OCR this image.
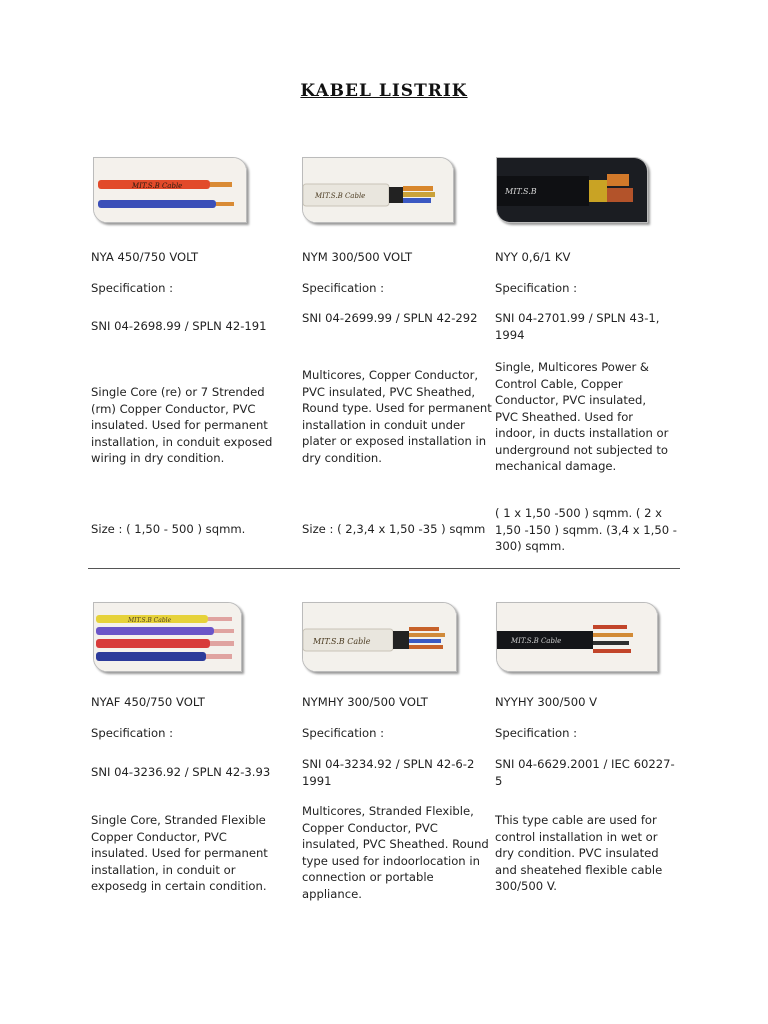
KABEL LISTRIK
MIT.S.B Cable
NYA 450/750 VOLT
Specification :
SNI 04-2698.99 / SPLN 42-191
Single Core (re) or 7 Strended (rm) Copper Conductor, PVC insulated. Used for permanent installation, in conduit exposed wiring in dry condition.
Size : ( 1,50 - 500 ) sqmm.
MIT.S.B Cable
NYM 300/500 VOLT
Specification :
SNI 04-2699.99 / SPLN 42-292
Multicores, Copper Conductor, PVC insulated, PVC Sheathed, Round type. Used for permanent installation in conduit under plater or exposed installation in dry condition.
Size : ( 2,3,4 x 1,50 -35 ) sqmm
MIT.S.B
NYY 0,6/1 KV
Specification :
SNI 04-2701.99 / SPLN 43-1, 1994
Single, Multicores Power & Control Cable, Copper Conductor, PVC insulated, PVC Sheathed. Used for indoor, in ducts installation or underground not subjected to mechanical damage.
( 1 x 1,50 -500 ) sqmm. ( 2 x 1,50 -150 ) sqmm. (3,4 x 1,50 - 300) sqmm.
MIT.S.B Cable
NYAF 450/750 VOLT
Specification :
SNI 04-3236.92 / SPLN 42-3.93
Single Core, Stranded Flexible Copper Conductor, PVC insulated. Used for permanent installation, in conduit or exposedg in certain condition.
MIT.S.B Cable
NYMHY 300/500 VOLT
Specification :
SNI 04-3234.92 / SPLN 42-6-2 1991
Multicores, Stranded Flexible, Copper Conductor, PVC insulated, PVC Sheathed. Round type used for indoorlocation in connection or portable appliance.
MIT.S.B Cable
NYYHY 300/500 V
Specification :
SNI 04-6629.2001 / IEC 60227-5
This type cable are used for control installation in wet or dry condition. PVC insulated and sheatehed flexible cable 300/500 V.
